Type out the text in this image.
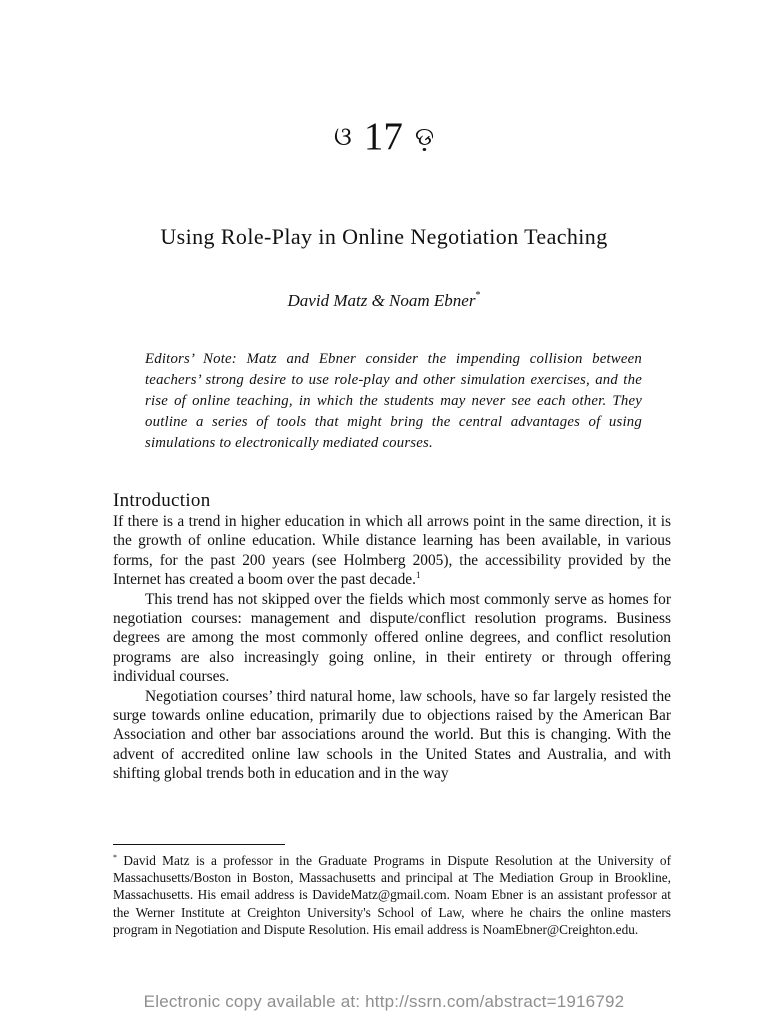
ଓ 17 ଡ଼
Using Role-Play in Online Negotiation Teaching
David Matz & Noam Ebner*
Editors’ Note: Matz and Ebner consider the impending collision between teachers’ strong desire to use role-play and other simulation exercises, and the rise of online teaching, in which the students may never see each other. They outline a series of tools that might bring the central advantages of using simulations to electronically mediated courses.
Introduction

If there is a trend in higher education in which all arrows point in the same direction, it is the growth of online education. While distance learning has been available, in various forms, for the past 200 years (see Holmberg 2005), the accessibility provided by the Internet has created a boom over the past decade.$^1$

This trend has not skipped over the fields which most commonly serve as homes for negotiation courses: management and dispute/conflict resolution programs. Business degrees are among the most commonly offered online degrees, and conflict resolution programs are also increasingly going online, in their entirety or through offering individual courses.

Negotiation courses’ third natural home, law schools, have so far largely resisted the surge towards online education, primarily due to objections raised by the American Bar Association and other bar associations around the world. But this is changing. With the advent of accredited online law schools in the United States and Australia, and with shifting global trends both in education and in the way

* David Matz is a professor in the Graduate Programs in Dispute Resolution at the University of Massachusetts/Boston in Boston, Massachusetts and principal at The Mediation Group in Brookline, Massachusetts. His email address is DavideMatz@gmail.com. Noam Ebner is an assistant professor at the Werner Institute at Creighton University's School of Law, where he chairs the online masters program in Negotiation and Dispute Resolution. His email address is NoamEbner@Creighton.edu.
Electronic copy available at: http://ssrn.com/abstract=1916792
